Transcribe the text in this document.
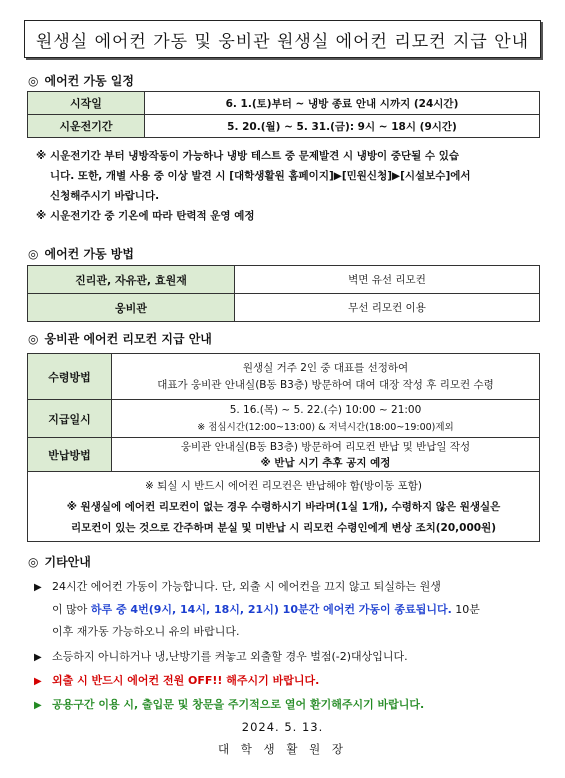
원생실 에어컨 가동 및 웅비관 원생실 에어컨 리모컨 지급 안내
◎ 에어컨 가동 일정
시작일	6. 1.(토)부터 ~ 냉방 종료 안내 시까지 (24시간)
시운전기간	5. 20.(월) ~ 5. 31.(금): 9시 ~ 18시 (9시간)
※ 시운전기간 부터 냉방작동이 가능하나 냉방 테스트 중 문제발견 시 냉방이 중단될 수 있습
니다. 또한, 개별 사용 중 이상 발견 시 [대학생활원 홈페이지]▶[민원신청]▶[시설보수]에서
신청해주시기 바랍니다.
※ 시운전기간 중 기온에 따라 탄력적 운영 예정
◎ 에어컨 가동 방법
진리관, 자유관, 효원재	벽면 유선 리모컨
웅비관	무선 리모컨 이용
◎ 웅비관 에어컨 리모컨 지급 안내
수령방법	원생실 거주 2인 중 대표를 선정하여
대표가 웅비관 안내실(B동 B3층) 방문하여 대여 대장 작성 후 리모컨 수령

지급일시	5. 16.(목) ~ 5. 22.(수) 10:00 ~ 21:00
※ 점심시간(12:00~13:00) & 저녁시간(18:00~19:00)제외

반납방법	웅비관 안내실(B동 B3층) 방문하여 리모컨 반납 및 반납일 작성
※ 반납 시기 추후 공지 예정

※ 퇴실 시 반드시 에어컨 리모컨은 반납해야 함(방이동 포함)
※ 원생실에 에어컨 리모컨이 없는 경우 수령하시기 바라며(1실 1개), 수령하지 않은 원생실은
리모컨이 있는 것으로 간주하며 분실 및 미반납 시 리모컨 수령인에게 변상 조치(20,000원)	
◎ 기타안내
▶ 24시간 에어컨 가동이 가능합니다. 단, 외출 시 에어컨을 끄지 않고 퇴실하는 원생
이 많아 하루 중 4번(9시, 14시, 18시, 21시) 10분간 에어컨 가동이 종료됩니다. 10분
이후 재가동 가능하오니 유의 바랍니다.
▶ 소등하지 아니하거나 냉,난방기를 켜놓고 외출할 경우 벌점(-2)대상입니다.
▶ 외출 시 반드시 에어컨 전원 OFF!! 해주시기 바랍니다.
▶ 공용구간 이용 시, 출입문 및 창문을 주기적으로 열어 환기해주시기 바랍니다.
2024. 5. 13.
대 학 생 활 원 장
